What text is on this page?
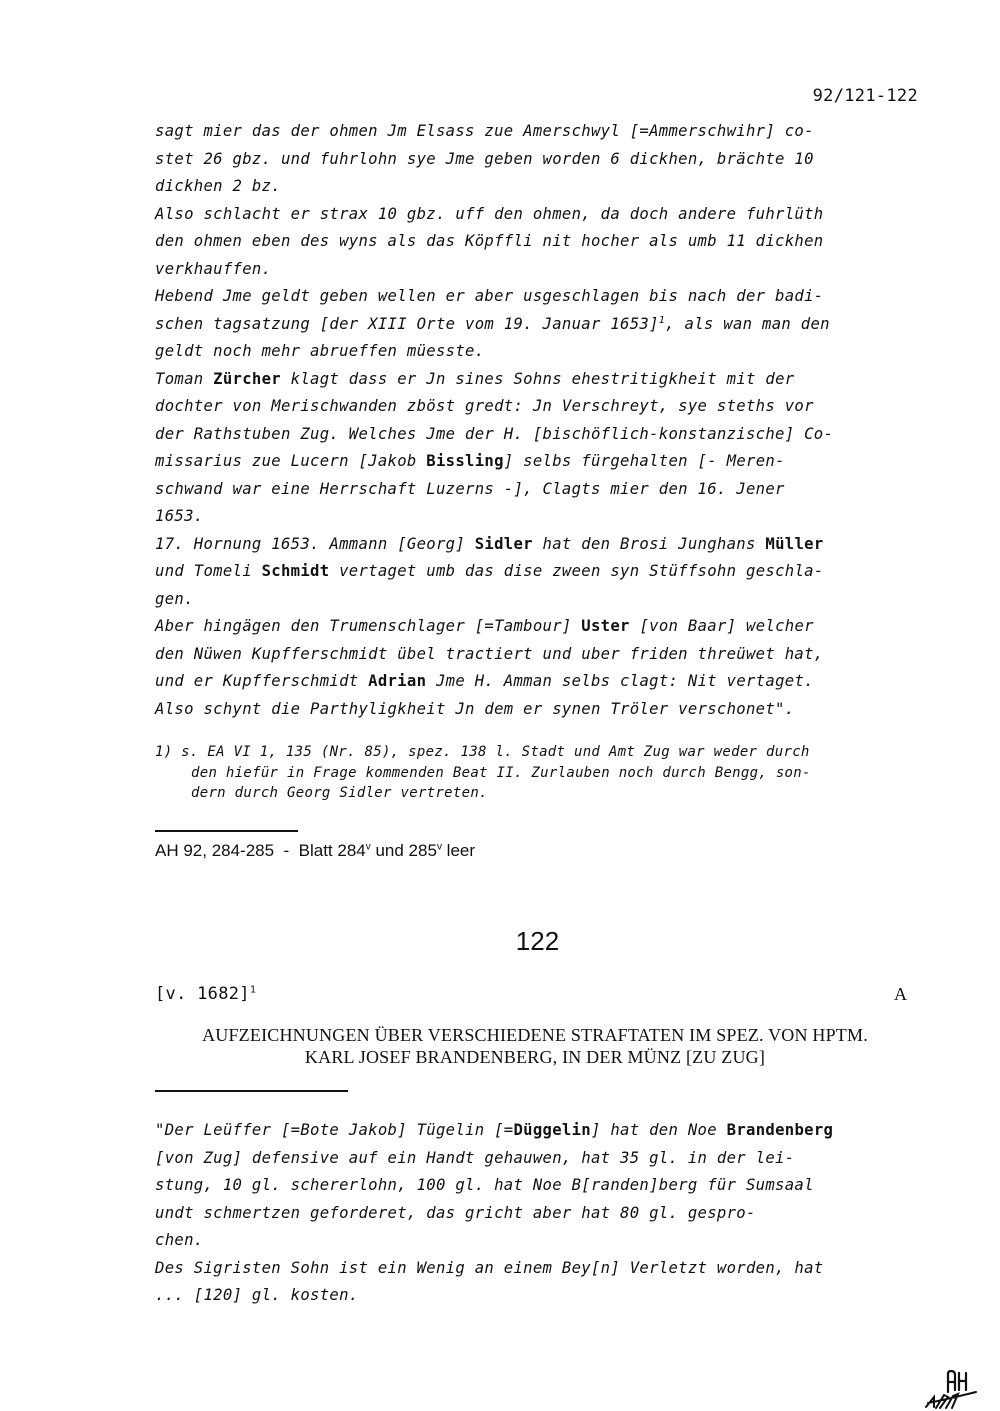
92/121-122
sagt mier das der ohmen Jm Elsass zue Amerschwyl [=Ammerschwihr] co-
stet 26 gbz. und fuhrlohn sye Jme geben worden 6 dickhen, brächte 10
dickhen 2 bz.
Also schlacht er strax 10 gbz. uff den ohmen, da doch andere fuhrlüth
den ohmen eben des wyns als das Köpffli nit hocher als umb 11 dickhen
verkhauffen.
Hebend Jme geldt geben wellen er aber usgeschlagen bis nach der badi-
schen tagsatzung [der XIII Orte vom 19. Januar 1653]$^1$, als wan man den
geldt noch mehr abrueffen müesste.
Toman Zürcher klagt dass er Jn sines Sohns ehestritigkheit mit der
dochter von Merischwanden zböst gredt: Jn Verschreyt, sye steths vor
der Rathstuben Zug. Welches Jme der H. [bischöflich-konstanzische] Co-
missarius zue Lucern [Jakob Bissling] selbs fürgehalten [- Meren-
schwand war eine Herrschaft Luzerns -], Clagts mier den 16. Jener
1653.
17. Hornung 1653. Ammann [Georg] Sidler hat den Brosi Junghans Müller
und Tomeli Schmidt vertaget umb das dise zween syn Stüffsohn geschla-
gen.
Aber hingägen den Trumenschlager [=Tambour] Uster [von Baar] welcher
den Nüwen Kupfferschmidt übel tractiert und uber friden threüwet hat,
und er Kupfferschmidt Adrian Jme H. Amman selbs clagt: Nit vertaget.
Also schynt die Parthyligkheit Jn dem er synen Tröler verschonet".
1) s. EA VI 1, 135 (Nr. 85), spez. 138 l. Stadt und Amt Zug war weder durch
den hiefür in Frage kommenden Beat II. Zurlauben noch durch Bengg, son-
dern durch Georg Sidler vertreten.
AH 92, 284-285  -  Blatt 284$^v$ und 285$^v$ leer
122
[v. 1682]$^1$	A
AUFZEICHNUNGEN ÜBER VERSCHIEDENE STRAFTATEN IM SPEZ. VON HPTM.
KARL JOSEF BRANDENBERG, IN DER MÜNZ [ZU ZUG]
"Der Leüffer [=Bote Jakob] Tügelin [=Düggelin] hat den Noe Brandenberg
[von Zug] defensive auf ein Handt gehauwen, hat 35 gl. in der lei-
stung, 10 gl. schererlohn, 100 gl. hat Noe B[randen]berg für Sumsaal
undt schmertzen geforderet, das gricht aber hat 80 gl. gespro-
chen.
Des Sigristen Sohn ist ein Wenig an einem Bey[n] Verletzt worden, hat
... [120] gl. kosten.
